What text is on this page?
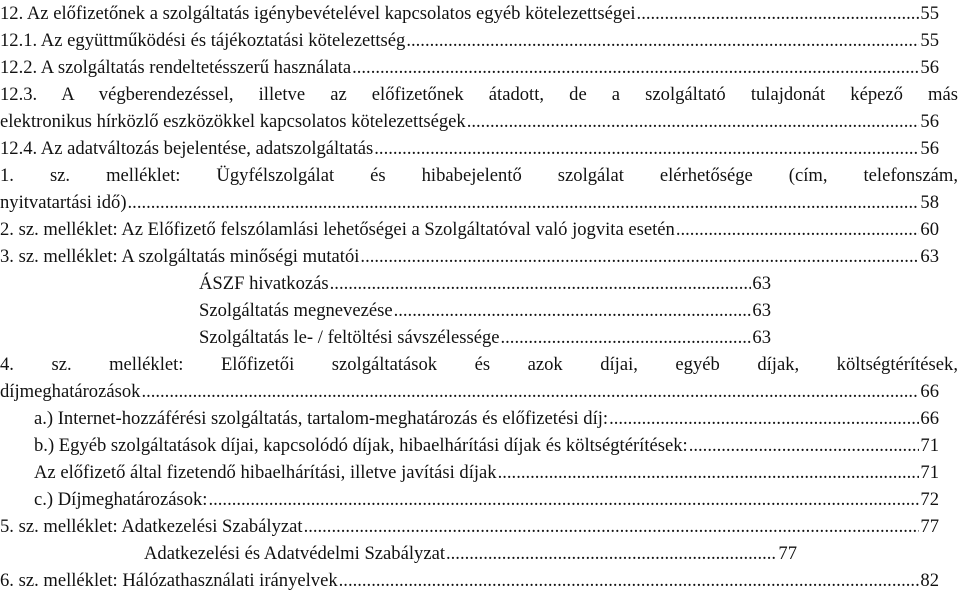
12. Az előfizetőnek a szolgáltatás igénybevételével kapcsolatos egyéb kötelezettségei .....	55
12.1. Az együttműködési és tájékoztatási kötelezettség .....	55
12.2. A szolgáltatás rendeltetésszerű használata .....	56
12.3. A végberendezéssel, illetve az előfizetőnek átadott, de a szolgáltató tulajdonát képező más
elektronikus hírközlő eszközökkel kapcsolatos kötelezettségek .....	56
12.4. Az adatváltozás bejelentése, adatszolgáltatás .....	56
1. sz. melléklet: Ügyfélszolgálat és hibabejelentő szolgálat elérhetősége (cím, telefonszám,
nyitvatartási idő) .....	58
2. sz. melléklet: Az Előfizető felszólamlási lehetőségei a Szolgáltatóval való jogvita esetén .....	60
3. sz. melléklet: A szolgáltatás minőségi mutatói .....	63
ÁSZF hivatkozás .....	63
Szolgáltatás megnevezése .....	63
Szolgáltatás le- / feltöltési sávszélessége .....	63
4. sz. melléklet: Előfizetői szolgáltatások és azok díjai, egyéb díjak, költségtérítések,
díjmeghatározások .....	66
a.) Internet-hozzáférési szolgáltatás, tartalom-meghatározás és előfizetési díj: .....	66
b.) Egyéb szolgáltatások díjai, kapcsolódó díjak, hibaelhárítási díjak és költségtérítések: .....	71
Az előfizető által fizetendő hibaelhárítási, illetve javítási díjak .....	71
c.) Díjmeghatározások: .....	72
5. sz. melléklet: Adatkezelési Szabályzat .....	77
Adatkezelési és Adatvédelmi Szabályzat .....	77
6. sz. melléklet: Hálózathasználati irányelvek .....	82
